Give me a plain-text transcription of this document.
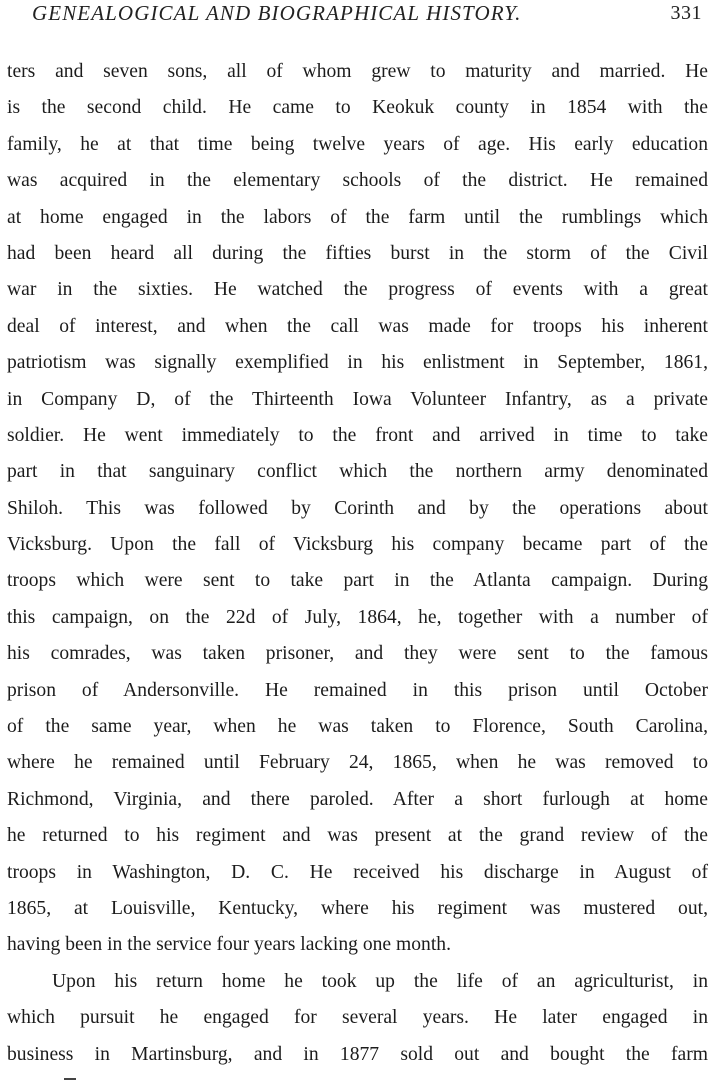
GENEALOGICAL AND BIOGRAPHICAL HISTORY.	331
ters and seven sons, all of whom grew to maturity and married. He
is the second child. He came to Keokuk county in 1854 with the
family, he at that time being twelve years of age. His early education
was acquired in the elementary schools of the district. He remained
at home engaged in the labors of the farm until the rumblings which
had been heard all during the fifties burst in the storm of the Civil
war in the sixties. He watched the progress of events with a great
deal of interest, and when the call was made for troops his inherent
patriotism was signally exemplified in his enlistment in September, 1861,
in Company D, of the Thirteenth Iowa Volunteer Infantry, as a private
soldier. He went immediately to the front and arrived in time to take
part in that sanguinary conflict which the northern army denominated
Shiloh. This was followed by Corinth and by the operations about
Vicksburg. Upon the fall of Vicksburg his company became part of the
troops which were sent to take part in the Atlanta campaign. During
this campaign, on the 22d of July, 1864, he, together with a number of
his comrades, was taken prisoner, and they were sent to the famous
prison of Andersonville. He remained in this prison until October
of the same year, when he was taken to Florence, South Carolina,
where he remained until February 24, 1865, when he was removed to
Richmond, Virginia, and there paroled. After a short furlough at home
he returned to his regiment and was present at the grand review of the
troops in Washington, D. C. He received his discharge in August of
1865, at Louisville, Kentucky, where his regiment was mustered out,
having been in the service four years lacking one month.
Upon his return home he took up the life of an agriculturist, in
which pursuit he engaged for several years. He later engaged in
business in Martinsburg, and in 1877 sold out and bought the farm
